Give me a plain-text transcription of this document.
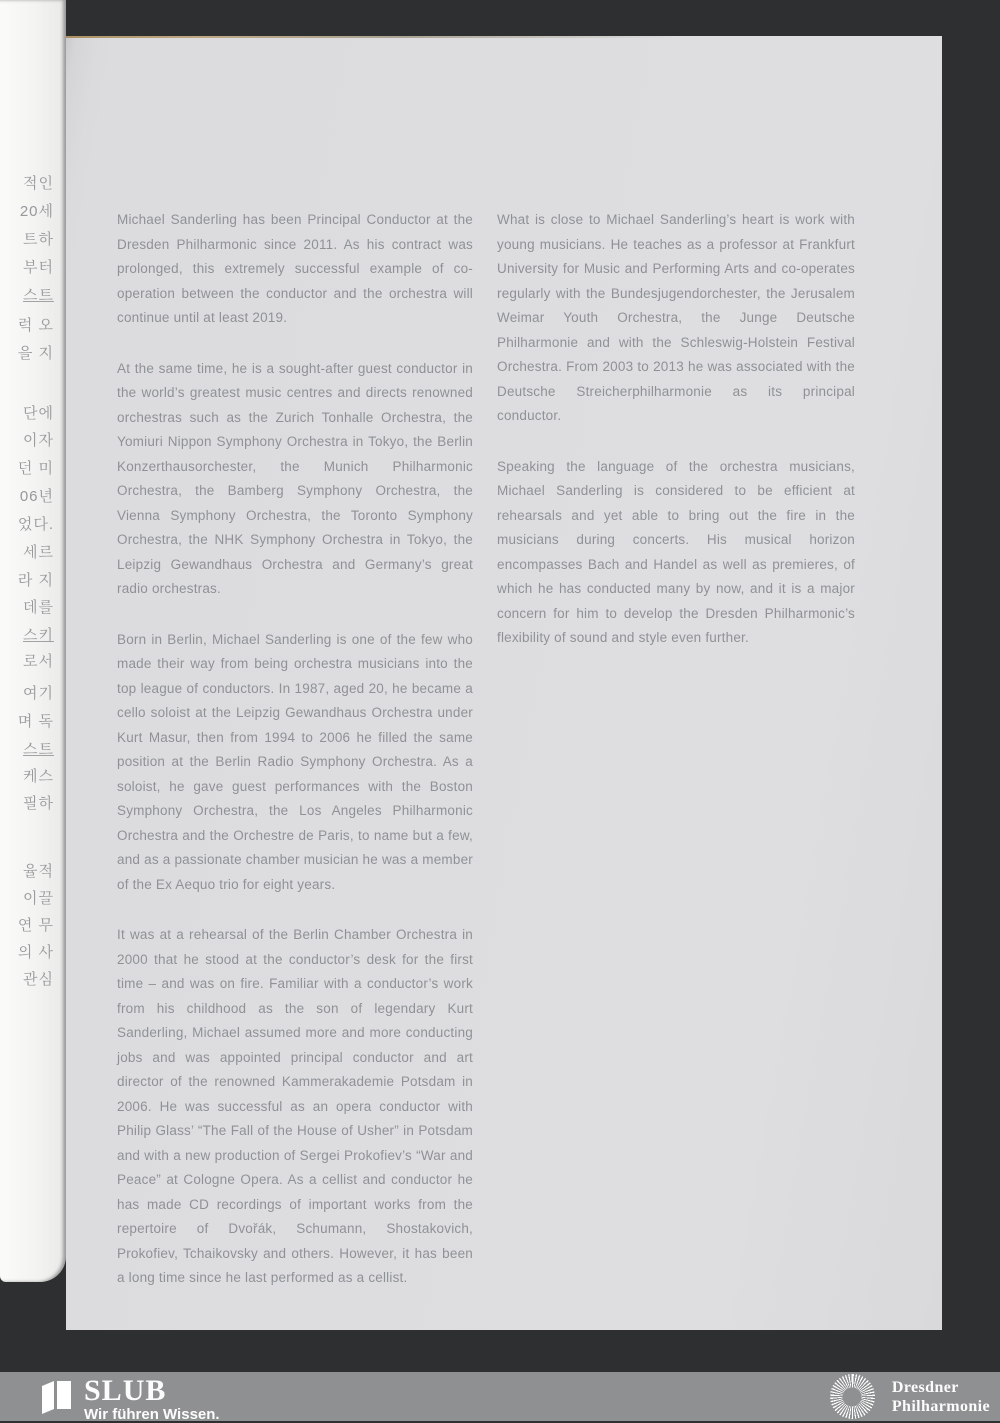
적인
20세
트하
부터
스트
럭 오
을 지
단에
이자
던 미
06년
었다.
세르
라 지
데를
스키
로서
여기
며 독
스트
케스
필하
율적
이끌
연 무
의 사
관심

Michael Sanderling has been Principal Conductor at the Dresden Philharmonic since 2011. As his contract was prolonged, this extremely successful example of co-operation between the conductor and the orchestra will continue until at least 2019.

At the same time, he is a sought-after guest conductor in the world’s greatest music centres and directs renowned orchestras such as the Zurich Tonhalle Orchestra, the Yomiuri Nippon Symphony Orchestra in Tokyo, the Berlin Konzerthausorchester, the Munich Philharmonic Orchestra, the Bamberg Symphony Orchestra, the Vienna Symphony Orchestra, the Toronto Symphony Orchestra, the NHK Symphony Orchestra in Tokyo, the Leipzig Gewandhaus Orchestra and Germany’s great radio orchestras.

Born in Berlin, Michael Sanderling is one of the few who made their way from being orchestra musicians into the top league of conductors. In 1987, aged 20, he became a cello soloist at the Leipzig Gewandhaus Orchestra under Kurt Masur, then from 1994 to 2006 he filled the same position at the Berlin Radio Symphony Orchestra. As a soloist, he gave guest performances with the Boston Symphony Orchestra, the Los Angeles Philharmonic Orchestra and the Orchestre de Paris, to name but a few, and as a passionate chamber musician he was a member of the Ex Aequo trio for eight years.

It was at a rehearsal of the Berlin Chamber Orchestra in 2000 that he stood at the conductor’s desk for the first time – and was on fire. Familiar with a conductor’s work from his childhood as the son of legendary Kurt Sanderling, Michael assumed more and more conducting jobs and was appointed principal conductor and art director of the renowned Kammerakademie Potsdam in 2006. He was successful as an opera conductor with Philip Glass’ “The Fall of the House of Usher” in Potsdam and with a new production of Sergei Prokofiev’s “War and Peace” at Cologne Opera. As a cellist and conductor he has made CD recordings of important works from the repertoire of Dvořák, Schumann, Shostakovich, Prokofiev, Tchaikovsky and others. However, it has been a long time since he last performed as a cellist.

What is close to Michael Sanderling’s heart is work with young musicians. He teaches as a professor at Frankfurt University for Music and Performing Arts and co-operates regularly with the Bundesjugendorchester, the Jerusalem Weimar Youth Orchestra, the Junge Deutsche Philharmonie and with the Schleswig-Holstein Festival Orchestra. From 2003 to 2013 he was associated with the Deutsche Streicherphilharmonie as its principal conductor.

Speaking the language of the orchestra musicians, Michael Sanderling is considered to be efficient at rehearsals and yet able to bring out the fire in the musicians during concerts. His musical horizon encompasses Bach and Handel as well as premieres, of which he has conducted many by now, and it is a major concern for him to develop the Dresden Philharmonic’s flexibility of sound and style even further.

SLUB
Wir führen Wissen.
Dresdner
Philharmonie
